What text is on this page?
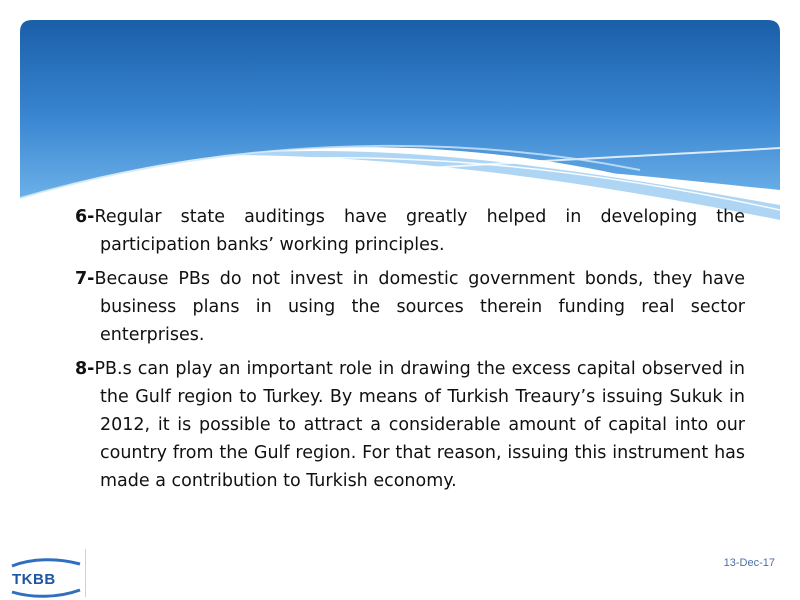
6-Regular state auditings have greatly helped in developing the participation banks’ working principles.

7-Because PBs do not invest in domestic government bonds, they have business plans in using the sources therein funding real sector enterprises.

8-PB.s can play an important role in drawing the excess capital observed in the Gulf region to Turkey. By means of Turkish Treaury’s issuing Sukuk in 2012, it is possible to attract a considerable amount of capital into our country from the Gulf region. For that reason, issuing this instrument has made a contribution to Turkish economy.

TKBB
13-Dec-17
